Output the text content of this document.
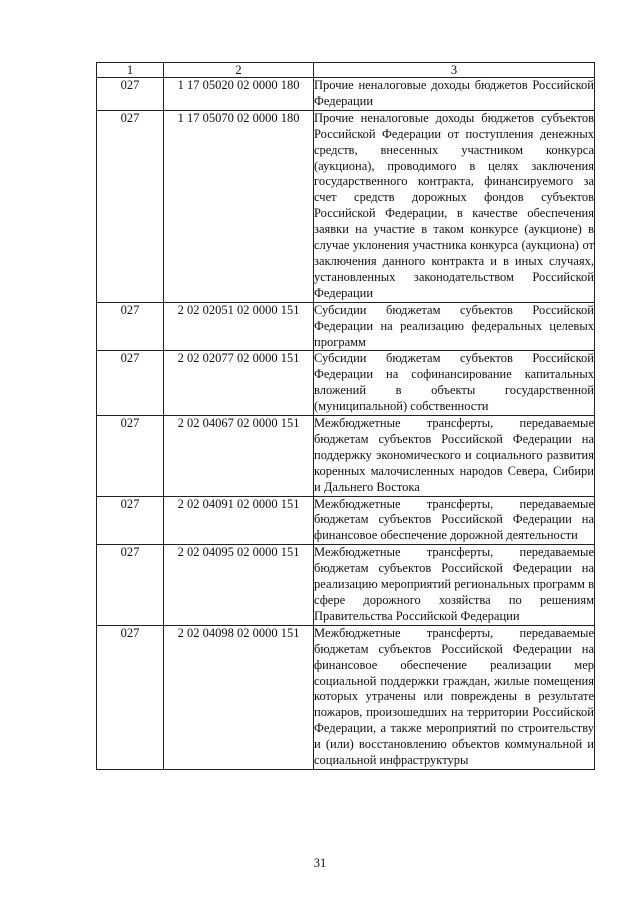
1	2	3
027	1 17 05020 02 0000 180	Прочие неналоговые доходы бюджетов Российской Федерации
027	1 17 05070 02 0000 180	Прочие неналоговые доходы бюджетов субъектов Российской Федерации от поступления денежных средств, внесенных участником конкурса (аукциона), проводимого в целях заключения государственного контракта, финансируемого за счет средств дорожных фондов субъектов Российской Федерации, в качестве обеспечения заявки на участие в таком конкурсе (аукционе) в случае уклонения участника конкурса (аукциона) от заключения данного контракта и в иных случаях, установленных законодательством Российской Федерации
027	2 02 02051 02 0000 151	Субсидии бюджетам субъектов Российской Федерации на реализацию федеральных целевых программ
027	2 02 02077 02 0000 151	Субсидии бюджетам субъектов Российской Федерации на софинансирование капитальных вложений в объекты государственной (муниципальной) собственности
027	2 02 04067 02 0000 151	Межбюджетные трансферты, передаваемые бюджетам субъектов Российской Федерации на поддержку экономического и социального развития коренных малочисленных народов Севера, Сибири и Дальнего Востока
027	2 02 04091 02 0000 151	Межбюджетные трансферты, передаваемые бюджетам субъектов Российской Федерации на финансовое обеспечение дорожной деятельности
027	2 02 04095 02 0000 151	Межбюджетные трансферты, передаваемые бюджетам субъектов Российской Федерации на реализацию мероприятий региональных программ в сфере дорожного хозяйства по решениям Правительства Российской Федерации
027	2 02 04098 02 0000 151	Межбюджетные трансферты, передаваемые бюджетам субъектов Российской Федерации на финансовое обеспечение реализации мер социальной поддержки граждан, жилые помещения которых утрачены или повреждены в результате пожаров, произошедших на территории Российской Федерации, а также мероприятий по строительству и (или) восстановлению объектов коммунальной и социальной инфраструктуры
31
